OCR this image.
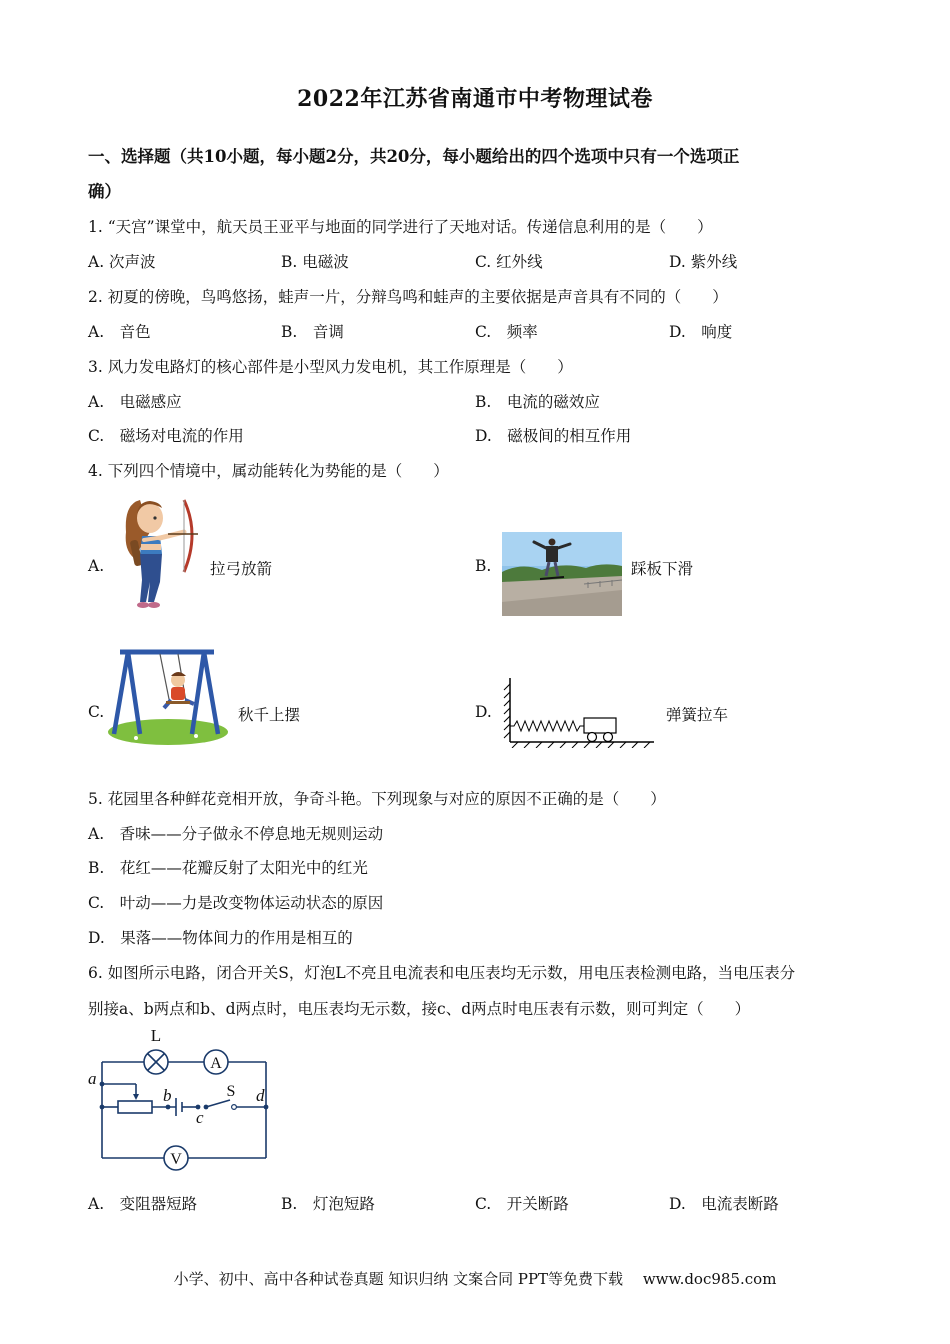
2022年江苏省南通市中考物理试卷
一、选择题（共10小题，每小题2分，共20分，每小题给出的四个选项中只有一个选项正
确）
1. “天宫”课堂中，航天员王亚平与地面的同学进行了天地对话。传递信息利用的是（　　）
A. 次声波	B. 电磁波	C. 红外线	D. 紫外线
2. 初夏的傍晚，鸟鸣悠扬，蛙声一片，分辩鸟鸣和蛙声的主要依据是声音具有不同的（　　）
A.　音色	B.　音调	C.　频率	D.　响度
3. 风力发电路灯的核心部件是小型风力发电机，其工作原理是（　　）
A.　电磁感应	B.　电流的磁效应
C.　磁场对电流的作用	D.　磁极间的相互作用
4. 下列四个情境中，属动能转化为势能的是（　　）
A.	拉弓放箭	B.	踩板下滑
C.	秋千上摆	D.	弹簧拉车
5. 花园里各种鲜花竞相开放，争奇斗艳。下列现象与对应的原因不正确的是（　　）
A.　香味——分子做永不停息地无规则运动
B.　花红——花瓣反射了太阳光中的红光
C.　叶动——力是改变物体运动状态的原因
D.　果落——物体间力的作用是相互的
6. 如图所示电路，闭合开关S，灯泡L不亮且电流表和电压表均无示数，用电压表检测电路，当电压表分
别接a、b两点和b、d两点时，电压表均无示数，接c、d两点时电压表有示数，则可判定（　　）
L
A
V
S
a
b
c
d
A.　变阻器短路	B.　灯泡短路	C.　开关断路	D.　电流表断路
小学、初中、高中各种试卷真题 知识归纳 文案合同 PPT等免费下载　 www.doc985.com
